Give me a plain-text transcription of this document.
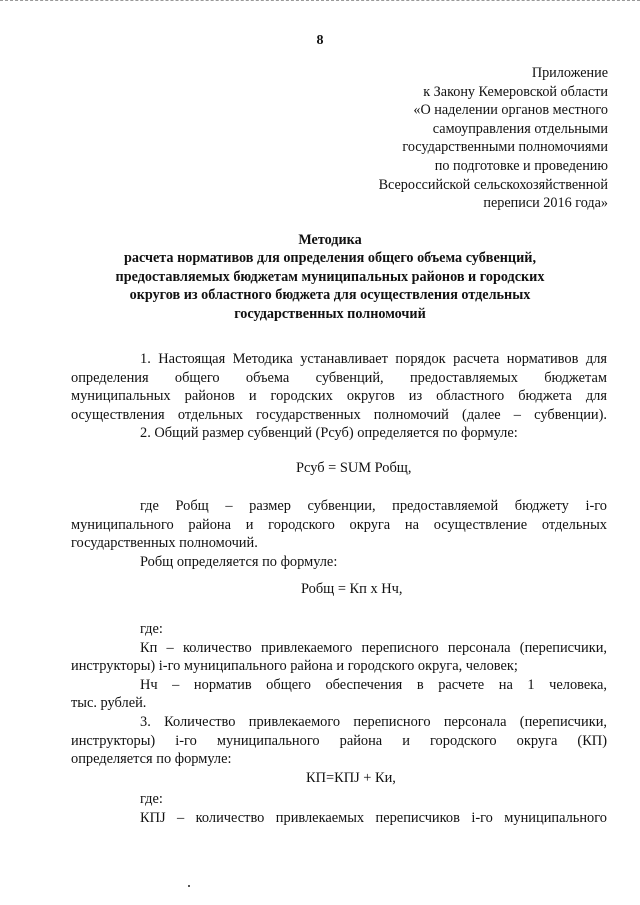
8
Приложение
к Закону Кемеровской области
«О наделении органов местного
самоуправления отдельными
государственными полномочиями
по подготовке и проведению
Всероссийской сельскохозяйственной
переписи 2016 года»
Методика
расчета нормативов для определения общего объема субвенций,
предоставляемых бюджетам муниципальных районов и городских
округов из областного бюджета для осуществления отдельных
государственных полномочий
1. Настоящая Методика устанавливает порядок расчета нормативов для
определения общего объема субвенций, предоставляемых бюджетам
муниципальных районов и городских округов из областного бюджета для
осуществления отдельных государственных полномочий (далее – субвенции).
2. Общий размер субвенций (Рсуб) определяется по формуле:
Рсуб = SUM Робщ,
где Робщ – размер субвенции, предоставляемой бюджету i-го
муниципального района и городского округа на осуществление отдельных
государственных полномочий.
Робщ определяется по формуле:
Робщ = Кп х Нч,
где:
Кп – количество привлекаемого переписного персонала (переписчики,
инструкторы) i-го муниципального района и городского округа, человек;
Нч – норматив общего обеспечения в расчете на 1 человека,
тыс. рублей.
3. Количество привлекаемого переписного персонала (переписчики,
инструкторы) i-го муниципального района и городского округа (КП)
определяется по формуле:
КП=КПЈ + Ки,
где:
КПЈ – количество привлекаемых переписчиков i-го муниципального
